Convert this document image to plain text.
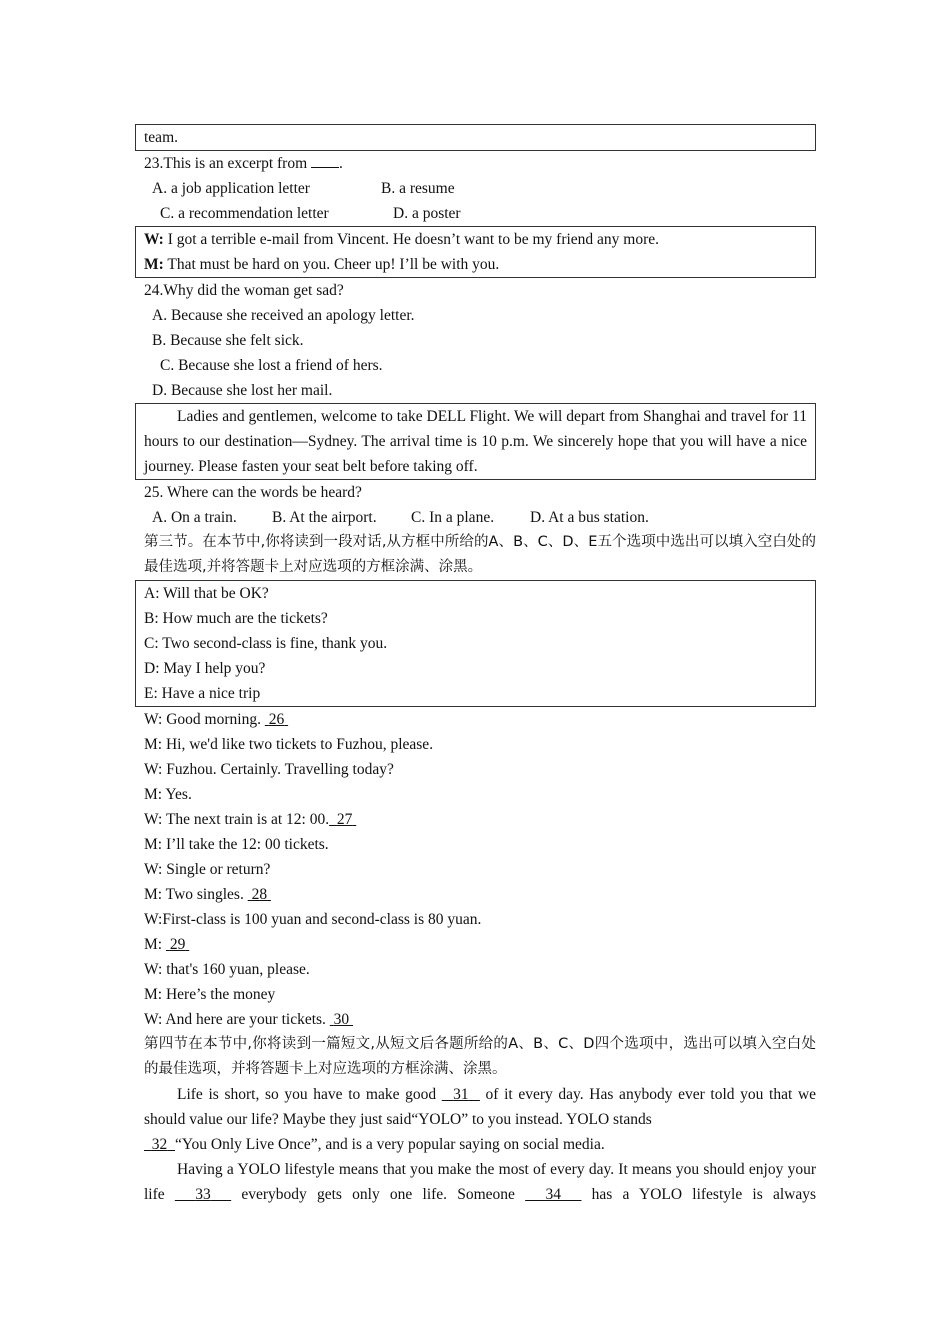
team.
23.This is an excerpt from .
A. a job application letter	B. a resume
C. a recommendation letter	D. a poster
W: I got a terrible e-mail from Vincent. He doesn’t want to be my friend any more.
M: That must be hard on you. Cheer up! I’ll be with you.
24.Why did the woman get sad?
A. Because she received an apology letter.
B. Because she felt sick.
C. Because she lost a friend of hers.
D. Because she lost her mail.
Ladies and gentlemen, welcome to take DELL Flight. We will depart from Shanghai and travel for 11 hours to our destination—Sydney. The arrival time is 10 p.m. We sincerely hope that you will have a nice journey. Please fasten your seat belt before taking off.
25. Where can the words be heard?
A. On a train. B. At the airport. C. In a plane. D. At a bus station.
第三节。在本节中,你将读到一段对话,从方框中所给的A、B、C、D、E五个选项中选出可以填入空白处的最佳选项,并将答题卡上对应选项的方框涂满、涂黑。
A: Will that be OK?
B: How much are the tickets?
C: Two second-class is fine, thank you.
D: May I help you?
E: Have a nice trip
W: Good morning. 26
M: Hi, we'd like two tickets to Fuzhou, please.
W: Fuzhou. Certainly. Travelling today?
M: Yes.
W: The next train is at 12: 00. 27
M: I’ll take the 12: 00 tickets.
W: Single or return?
M: Two singles. 28
W:First-class is 100 yuan and second-class is 80 yuan.
M: 29
W: that's 160 yuan, please.
M: Here’s the money
W: And here are your tickets. 30
第四节在本节中,你将读到一篇短文,从短文后各题所给的A、B、C、D四个选项中，选出可以填入空白处的最佳选项，并将答题卡上对应选项的方框涂满、涂黑。
Life is short, so you have to make good 31 of it every day. Has anybody ever told you that we should value our life? Maybe they just said“YOLO” to you instead. YOLO stands
32 “You Only Live Once”, and is a very popular saying on social media.
Having a YOLO lifestyle means that you make the most of every day. It means you should enjoy your life 33 everybody gets only one life. Someone 34 has a YOLO lifestyle is always
